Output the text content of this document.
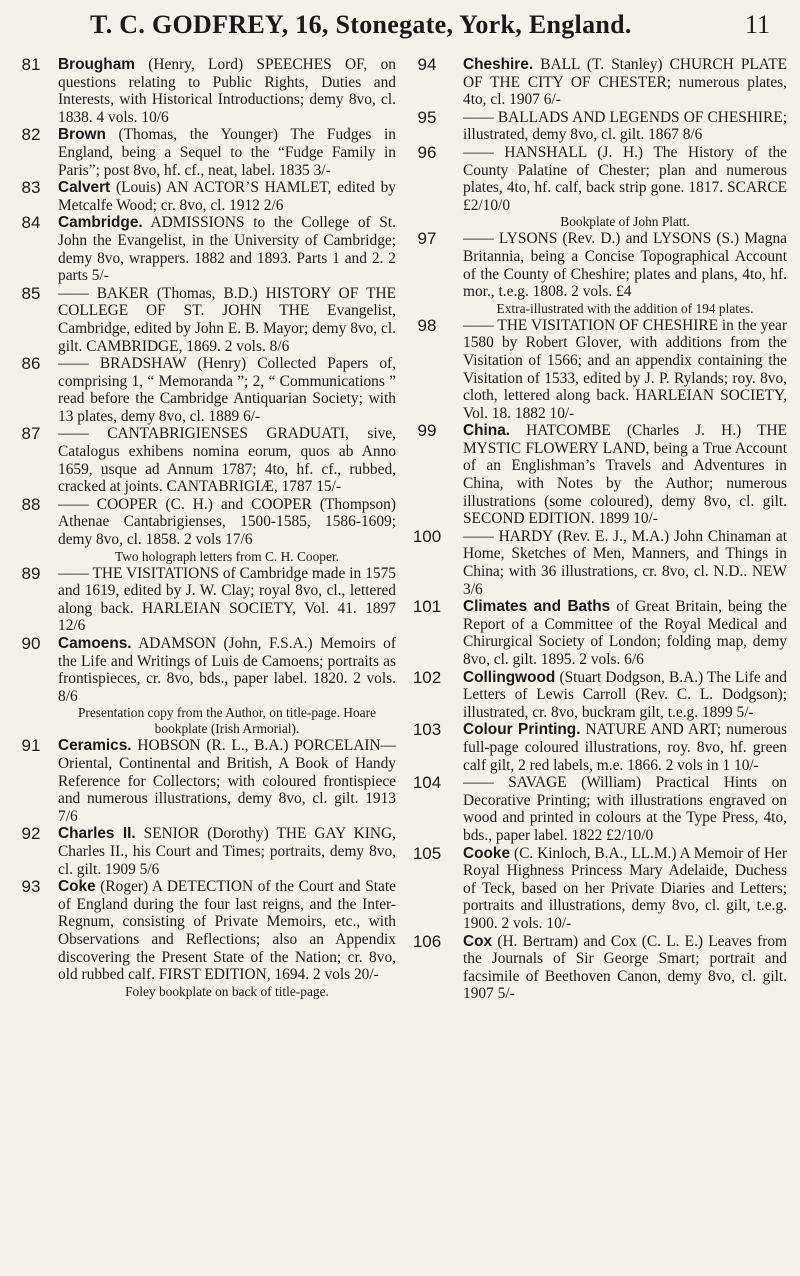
T. C. GODFREY, 16, Stonegate, York, England.	11

81	Brougham (Henry, Lord) SPEECHES OF, on questions relating to Public Rights, Duties and Interests, with Historical Introductions; demy 8vo, cl. 1838. 4 vols. 10/6

82	Brown (Thomas, the Younger) The Fudges in England, being a Sequel to the “Fudge Family in Paris”; post 8vo, hf. cf., neat, label. 1835 3/-

83	Calvert (Louis) AN ACTOR’S HAMLET, edited by Metcalfe Wood; cr. 8vo, cl. 1912 2/6

84	Cambridge. ADMISSIONS to the College of St. John the Evangelist, in the University of Cambridge; demy 8vo, wrappers. 1882 and 1893. Parts 1 and 2. 2 parts 5/-

85	—— BAKER (Thomas, B.D.) HISTORY OF THE COLLEGE OF ST. JOHN THE Evangelist, Cambridge, edited by John E. B. Mayor; demy 8vo, cl. gilt. CAMBRIDGE, 1869. 2 vols. 8/6

86	—— BRADSHAW (Henry) Collected Papers of, comprising 1, “ Memoranda ”; 2, “ Communications ” read before the Cambridge Antiquarian Society; with 13 plates, demy 8vo, cl. 1889 6/-

87	—— CANTABRIGIENSES GRADUATI, sive, Catalogus exhibens nomina eorum, quos ab Anno 1659, usque ad Annum 1787; 4to, hf. cf., rubbed, cracked at joints. CANTABRIGIÆ, 1787 15/-

88	—— COOPER (C. H.) and COOPER (Thompson) Athenae Cantabrigienses, 1500-1585, 1586-1609; demy 8vo, cl. 1858. 2 vols 17/6
Two holograph letters from C. H. Cooper.

89	—— THE VISITATIONS of Cambridge made in 1575 and 1619, edited by J. W. Clay; royal 8vo, cl., lettered along back. HARLEIAN SOCIETY, Vol. 41. 1897 12/6

90	Camoens. ADAMSON (John, F.S.A.) Memoirs of the Life and Writings of Luis de Camoens; portraits as frontispieces, cr. 8vo, bds., paper label. 1820. 2 vols. 8/6
Presentation copy from the Author, on title-page. Hoare bookplate (Irish Armorial).

91	Ceramics. HOBSON (R. L., B.A.) PORCELAIN—Oriental, Continental and British, A Book of Handy Reference for Collectors; with coloured frontispiece and numerous illustrations, demy 8vo, cl. gilt. 1913 7/6

92	Charles II. SENIOR (Dorothy) THE GAY KING, Charles II., his Court and Times; portraits, demy 8vo, cl. gilt. 1909 5/6

93	Coke (Roger) A DETECTION of the Court and State of England during the four last reigns, and the Inter-Regnum, consisting of Private Memoirs, etc., with Observations and Reflections; also an Appendix discovering the Present State of the Nation; cr. 8vo, old rubbed calf. FIRST EDITION, 1694. 2 vols 20/-
Foley bookplate on back of title-page.

94	Cheshire. BALL (T. Stanley) CHURCH PLATE OF THE CITY OF CHESTER; numerous plates, 4to, cl. 1907 6/-

95	—— BALLADS AND LEGENDS OF CHESHIRE; illustrated, demy 8vo, cl. gilt. 1867 8/6

96	—— HANSHALL (J. H.) The History of the County Palatine of Chester; plan and numerous plates, 4to, hf. calf, back strip gone. 1817. SCARCE £2/10/0
Bookplate of John Platt.

97	—— LYSONS (Rev. D.) and LYSONS (S.) Magna Britannia, being a Concise Topographical Account of the County of Cheshire; plates and plans, 4to, hf. mor., t.e.g. 1808. 2 vols. £4
Extra-illustrated with the addition of 194 plates.

98	—— THE VISITATION OF CHESHIRE in the year 1580 by Robert Glover, with additions from the Visitation of 1566; and an appendix containing the Visitation of 1533, edited by J. P. Rylands; roy. 8vo, cloth, lettered along back. HARLEIAN SOCIETY, Vol. 18. 1882 10/-

99	China. HATCOMBE (Charles J. H.) THE MYSTIC FLOWERY LAND, being a True Account of an Englishman’s Travels and Adventures in China, with Notes by the Author; numerous illustrations (some coloured), demy 8vo, cl. gilt. SECOND EDITION. 1899 10/-

100	—— HARDY (Rev. E. J., M.A.) John Chinaman at Home, Sketches of Men, Manners, and Things in China; with 36 illustrations, cr. 8vo, cl. N.D.. NEW 3/6

101	Climates and Baths of Great Britain, being the Report of a Committee of the Royal Medical and Chirurgical Society of London; folding map, demy 8vo, cl. gilt. 1895. 2 vols. 6/6

102	Collingwood (Stuart Dodgson, B.A.) The Life and Letters of Lewis Carroll (Rev. C. L. Dodgson); illustrated, cr. 8vo, buckram gilt, t.e.g. 1899 5/-

103	Colour Printing. NATURE AND ART; numerous full-page coloured illustrations, roy. 8vo, hf. green calf gilt, 2 red labels, m.e. 1866. 2 vols in 1 10/-

104	—— SAVAGE (William) Practical Hints on Decorative Printing; with illustrations engraved on wood and printed in colours at the Type Press, 4to, bds., paper label. 1822 £2/10/0

105	Cooke (C. Kinloch, B.A., LL.M.) A Memoir of Her Royal Highness Princess Mary Adelaide, Duchess of Teck, based on her Private Diaries and Letters; portraits and illustrations, demy 8vo, cl. gilt, t.e.g. 1900. 2 vols. 10/-

106	Cox (H. Bertram) and Cox (C. L. E.) Leaves from the Journals of Sir George Smart; portrait and facsimile of Beethoven Canon, demy 8vo, cl. gilt. 1907 5/-
